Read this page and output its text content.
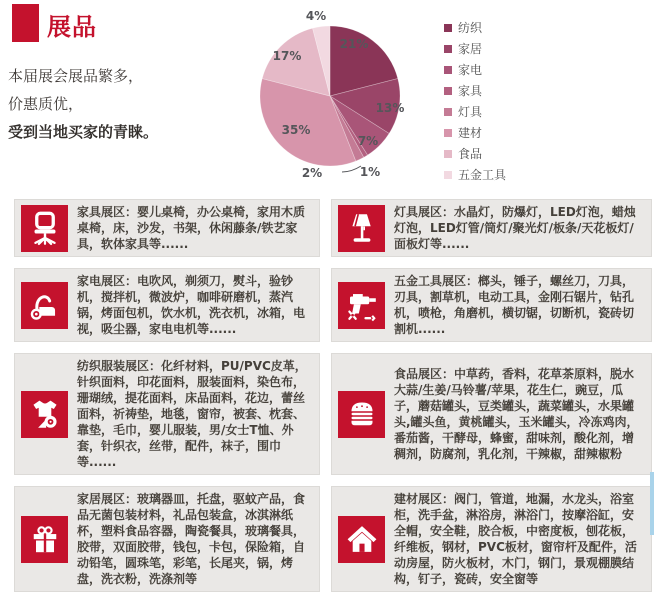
展品
本届展会展品繁多，
价惠质优，
受到当地买家的青睐。
21%
13%
7%
1%
2%
35%
17%
4%
纺织
家居
家电
家具
灯具
建材
食品
五金工具
家具展区：婴儿桌椅，办公桌椅，家用木质桌椅，床，沙发，书架，休闲藤条/铁艺家具，软体家具等......
灯具展区：水晶灯，防爆灯，LED灯泡，蜡烛灯泡，LED灯管/筒灯/聚光灯/板条/天花板灯/面板灯等......
家电展区：电吹风，剃须刀，熨斗，验钞机，搅拌机，微波炉，咖啡研磨机，蒸汽锅，烤面包机，饮水机，洗衣机，冰箱，电视，吸尘器，家电电机等......
五金工具展区：榔头，锤子，螺丝刀，刀具，刃具，割草机，电动工具，金刚石锯片，钻孔机，喷枪，角磨机，横切锯，切断机，瓷砖切割机......
纺织服装展区：化纤材料，PU/PVC皮革，针织面料，印花面料，服装面料，染色布，珊瑚绒，提花面料，床品面料，花边，蕾丝面料，祈祷垫，地毯，窗帘，被套、枕套、靠垫，毛巾，婴儿服装，男/女士T恤、外套，针织衣，丝带，配件，袜子，围巾等......
食品展区：中草药，香料，花草茶原料，脱水大蒜/生姜/马铃薯/苹果，花生仁，豌豆，瓜子，蘑菇罐头，豆类罐头，蔬菜罐头，水果罐头,罐头鱼，黄桃罐头，玉米罐头，冷冻鸡肉，番茄酱，干酵母，蜂蜜，甜味剂，酸化剂，增稠剂，防腐剂，乳化剂，干辣椒，甜辣椒粉
家居展区：玻璃器皿，托盘，驱蚊产品，食品无菌包装材料，礼品包装盒，冰淇淋纸杯，塑料食品容器，陶瓷餐具，玻璃餐具，胶带，双面胶带，钱包，卡包，保险箱，自动铅笔，圆珠笔，彩笔，长尾夹，锅，烤盘，洗衣粉，洗涤剂等
建材展区：阀门，管道，地漏，水龙头，浴室柜，洗手盆，淋浴房，淋浴门，按摩浴缸，安全帽，安全鞋，胶合板，中密度板，刨花板，纤维板，钢材，PVC板材，窗帘杆及配件，活动房屋，防火板材，木门，钢门，景观棚膜结构，钉子，瓷砖，安全窗等
